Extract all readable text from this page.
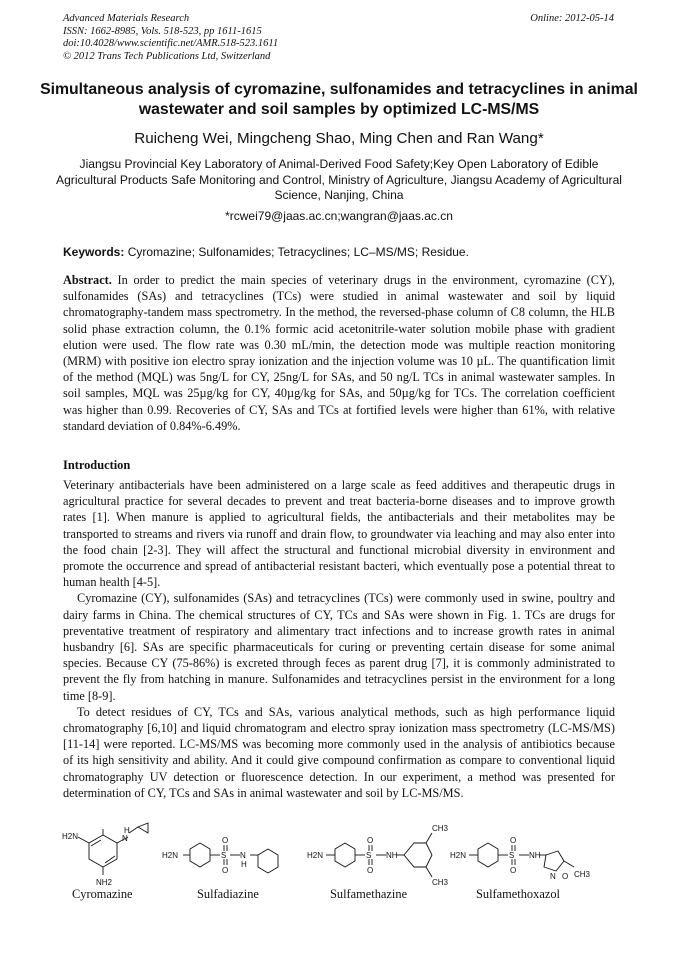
Advanced Materials Research
ISSN: 1662-8985, Vols. 518-523, pp 1611-1615
doi:10.4028/www.scientific.net/AMR.518-523.1611
© 2012 Trans Tech Publications Ltd, Switzerland
Online: 2012-05-14
Simultaneous analysis of cyromazine, sulfonamides and tetracyclines in animal wastewater and soil samples by optimized LC-MS/MS
Ruicheng Wei, Mingcheng Shao, Ming Chen and Ran Wang*
Jiangsu Provincial Key Laboratory of Animal-Derived Food Safety;Key Open Laboratory of Edible Agricultural Products Safe Monitoring and Control, Ministry of Agriculture, Jiangsu Academy of Agricultural Science, Nanjing, China
*rcwei79@jaas.ac.cn;wangran@jaas.ac.cn
Keywords: Cyromazine; Sulfonamides; Tetracyclines; LC–MS/MS; Residue.
Abstract. In order to predict the main species of veterinary drugs in the environment, cyromazine (CY), sulfonamides (SAs) and tetracyclines (TCs) were studied in animal wastewater and soil by liquid chromatography-tandem mass spectrometry. In the method, the reversed-phase column of C8 column, the HLB solid phase extraction column, the 0.1% formic acid acetonitrile-water solution mobile phase with gradient elution were used. The flow rate was 0.30 mL/min, the detection mode was multiple reaction monitoring (MRM) with positive ion electro spray ionization and the injection volume was 10 µL. The quantification limit of the method (MQL) was 5ng/L for CY, 25ng/L for SAs, and 50 ng/L TCs in animal wastewater samples. In soil samples, MQL was 25µg/kg for CY, 40µg/kg for SAs, and 50µg/kg for TCs. The correlation coefficient was higher than 0.99. Recoveries of CY, SAs and TCs at fortified levels were higher than 61%, with relative standard deviation of 0.84%-6.49%.
Introduction

Veterinary antibacterials have been administered on a large scale as feed additives and therapeutic drugs in agricultural practice for several decades to prevent and treat bacteria-borne diseases and to improve growth rates [1]. When manure is applied to agricultural fields, the antibacterials and their metabolites may be transported to streams and rivers via runoff and drain flow, to groundwater via leaching and may also enter into the food chain [2-3]. They will affect the structural and functional microbial diversity in environment and promote the occurrence and spread of antibacterial resistant bacteri, which eventually pose a potential threat to human health [4-5].

Cyromazine (CY), sulfonamides (SAs) and tetracyclines (TCs) were commonly used in swine, poultry and dairy farms in China. The chemical structures of CY, TCs and SAs were shown in Fig. 1. TCs are drugs for preventative treatment of respiratory and alimentary tract infections and to increase growth rates in animal husbandry [6]. SAs are specific pharmaceuticals for curing or preventing certain disease for some animal species. Because CY (75-86%) is excreted through feces as parent drug [7], it is commonly administrated to prevent the fly from hatching in manure. Sulfonamides and tetracyclines persist in the environment for a long time [8-9].

To detect residues of CY, TCs and SAs, various analytical methods, such as high performance liquid chromatography [6,10] and liquid chromatogram and electro spray ionization mass spectrometry (LC-MS/MS) [11-14] were reported. LC-MS/MS was becoming more commonly used in the analysis of antibiotics because of its high sensitivity and ability. And it could give compound confirmation as compare to conventional liquid chromatography UV detection or fluorescence detection. In our experiment, a method was presented for determination of CY, TCs and SAs in animal wastewater and soil by LC-MS/MS.

H2N
H
N
NH2
H2N	S
O
O
N
H
H2N	S
O
O
NH
CH3
CH3
H2N	S
O
O
NH
N O CH3
Cyromazine	Sulfadiazine	Sulfamethazine	Sulfamethoxazol
